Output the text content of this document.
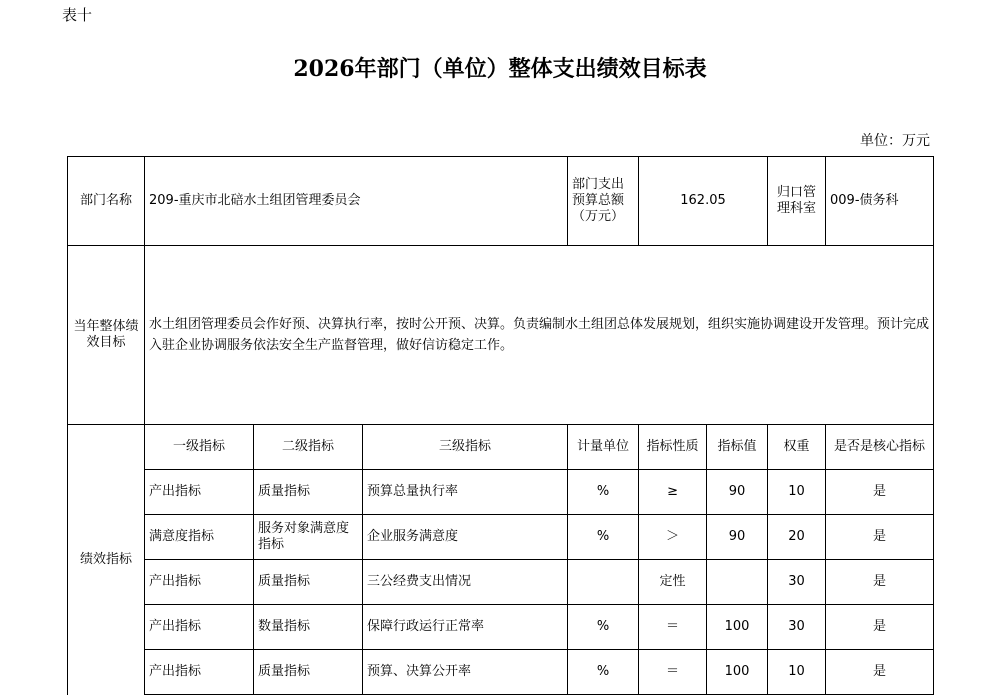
表十
2026年部门（单位）整体支出绩效目标表
单位：万元
部门名称	209-重庆市北碚水土组团管理委员会			部门支出预算总额（万元）	162.05		归口管理科室	009-债务科
当年整体绩效目标	水土组团管理委员会作好预、决算执行率，按时公开预、决算。负责编制水土组团总体发展规划，组织实施协调建设开发管理。预计完成入驻企业协调服务依法安全生产监督管理，做好信访稳定工作。							
绩效指标	一级指标	二级指标	三级指标	计量单位	指标性质	指标值	权重	是否是核心指标
	产出指标	质量指标	预算总量执行率	%	≥	90	10	是
	满意度指标	服务对象满意度指标	企业服务满意度	%	＞	90	20	是
	产出指标	质量指标	三公经费支出情况		定性		30	是
	产出指标	数量指标	保障行政运行正常率	%	＝	100	30	是
	产出指标	质量指标	预算、决算公开率	%	＝	100	10	是
